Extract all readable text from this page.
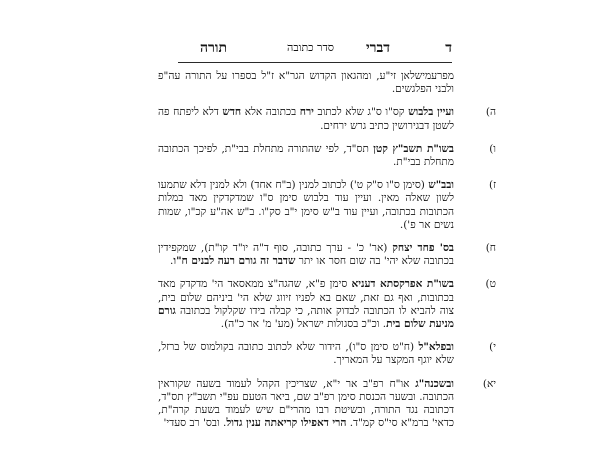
ד
דברי
סדר כתובה
תורה

מפרעמישלאן זי"ע, ומהגאון הקדוש הגר"א ז"ל בספרו על התורה עה"פ ולבני הפלגשים.

ה)
ועיין בלבוש קס"ו ס"ג שלא לכתוב ירח בכתובה אלא חדש דלא ליפתח פה לשטן דבגירושין כתיב גרש ירחים.
ו)
בשו"ת תשב"ץ קטן תס"ד, לפי שהתורה מתחלת בבי"ת, לפיכך הכתובה מתחלת בבי"ת.
ז)
ובב"ש (סימן ס"ו ס"ק ט') לכתוב למנין (ב"ח אחד) ולא למנין דלא שתמעו לשון שאלה מאין. ועיין עוד בלבוש סימן ס"ו שמדקדקין מאד במלות הכתובות בכתובה, ועיין עוד ב"ש סימן י"ב סק"ו. ב"ש אה"ע קכ"ו, שמות נשים אר פ').
ח)
בס' פחד יצחק (אר' כ' - ערך כתובה, סוף ד"ה יו"ד קו"ת), שמקפידין בכתובה שלא יהי' בה שום חסר או יתר שדבר זה גורם רעה לבנים ח"ו.
ט)
בשו"ת אפרקסתא דעניא סימן פ"א, שהגה"צ ממאסאד הי' מדקדק מאד בכתובות, ואף גם זאת, שאם בא לפניו זיווג שלא הי' ביניהם שלום בית, צוה להביא לו הכתובה לבדוק אותה, כי קבלה בידו שקלקול בכתובה גורם מניעת שלום בית. וכ"כ בסגולות ישראל (מע' מ' אר כ"ה).
י)
ובפלא"ל (ח"ט סימן ס"ו), הידור שלא לכתוב כתובה בקולמוס של ברזל, שלא יוגף המקצר על המאריך.
יא)
ובשכנה"ג או"ח רפ"ב אר י"א, שצריכין הקהל לעמוד בשעה שקוראין הכתובה. ובשער הכנסת סימן רפ"ב שם, ביאר הטעם עפ"י תשב"ץ תס"ד, דכתובה נגד התורה, ובשיטת רבו מהרי"ם שיש לעמוד בשעת קרה"ת, כדאי' ברמ"א סי"ס קמ"ד. הרי דאפילו קריאתה ענין גדול. ובס' רב סעדי'
